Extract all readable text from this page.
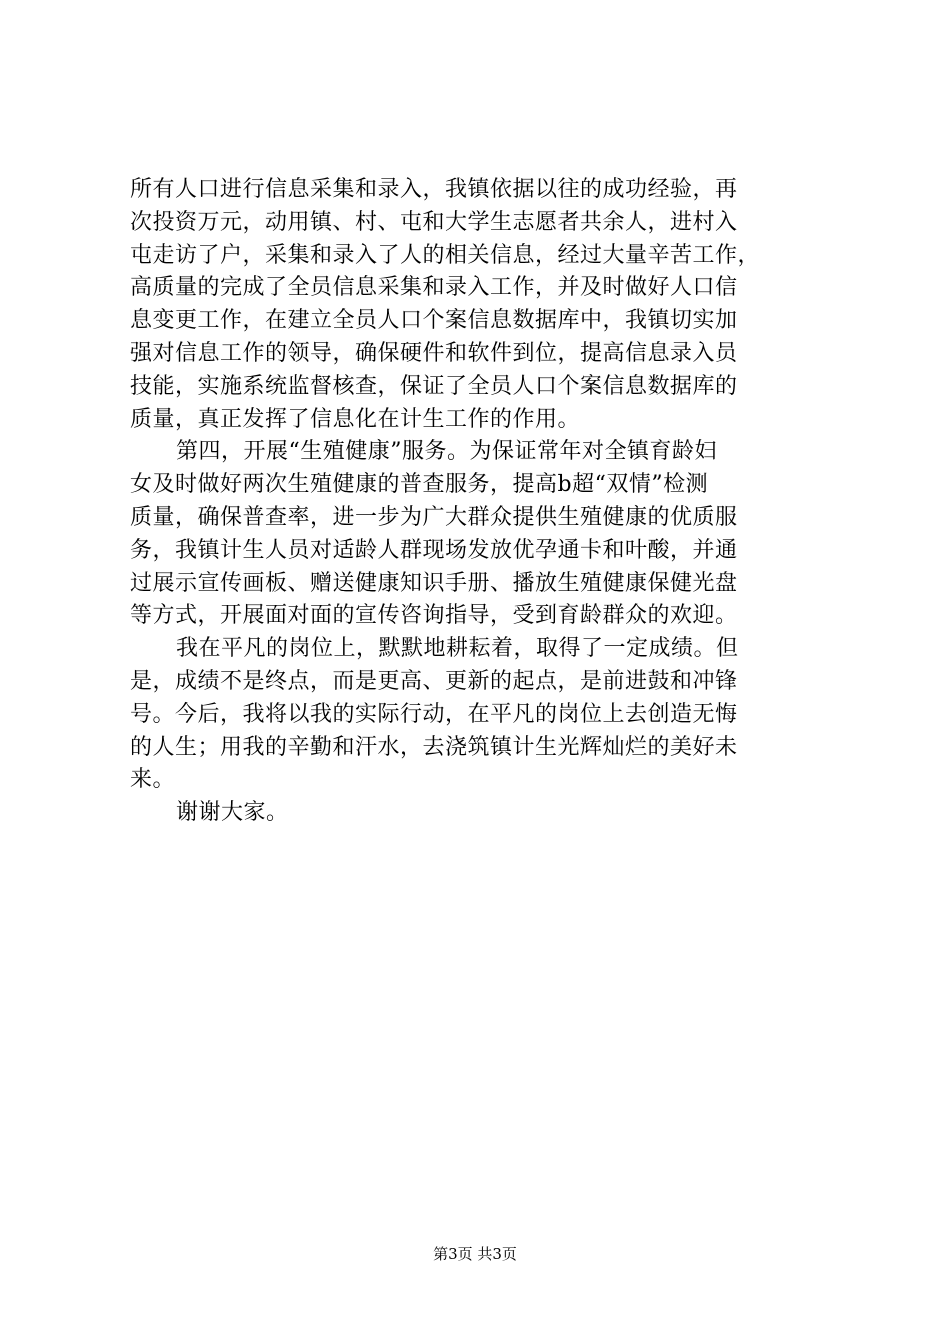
所有人口进行信息采集和录入，我镇依据以往的成功经验，再
次投资万元，动用镇、村、屯和大学生志愿者共余人，进村入
屯走访了户，采集和录入了人的相关信息，经过大量辛苦工作，
高质量的完成了全员信息采集和录入工作，并及时做好人口信
息变更工作，在建立全员人口个案信息数据库中，我镇切实加
强对信息工作的领导，确保硬件和软件到位，提高信息录入员
技能，实施系统监督核查，保证了全员人口个案信息数据库的
质量，真正发挥了信息化在计生工作的作用。
第四，开展“生殖健康”服务。为保证常年对全镇育龄妇
女及时做好两次生殖健康的普查服务，提高b超“双情”检测
质量，确保普查率，进一步为广大群众提供生殖健康的优质服
务，我镇计生人员对适龄人群现场发放优孕通卡和叶酸，并通
过展示宣传画板、赠送健康知识手册、播放生殖健康保健光盘
等方式，开展面对面的宣传咨询指导，受到育龄群众的欢迎。
我在平凡的岗位上，默默地耕耘着，取得了一定成绩。但
是，成绩不是终点，而是更高、更新的起点，是前进鼓和冲锋
号。今后，我将以我的实际行动，在平凡的岗位上去创造无悔
的人生；用我的辛勤和汗水，去浇筑镇计生光辉灿烂的美好未
来。
谢谢大家。
第3页 共3页
